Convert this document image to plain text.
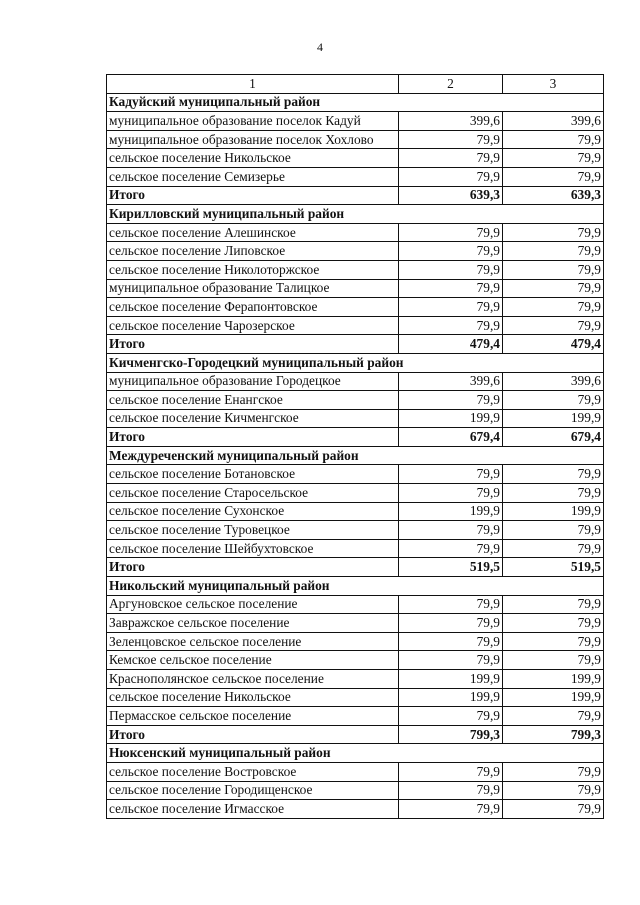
4
1	2	3
Кадуйский муниципальный район		
муниципальное образование поселок Кадуй	399,6	399,6
муниципальное образование поселок Хохлово	79,9	79,9
сельское поселение Никольское	79,9	79,9
сельское поселение Семизерье	79,9	79,9
Итого	639,3	639,3
Кирилловский муниципальный район		
сельское поселение Алешинское	79,9	79,9
сельское поселение Липовское	79,9	79,9
сельское поселение Николоторжское	79,9	79,9
муниципальное образование Талицкое	79,9	79,9
сельское поселение Ферапонтовское	79,9	79,9
сельское поселение Чарозерское	79,9	79,9
Итого	479,4	479,4
Кичменгско-Городецкий муниципальный район		
муниципальное образование Городецкое	399,6	399,6
сельское поселение Енангское	79,9	79,9
сельское поселение Кичменгское	199,9	199,9
Итого	679,4	679,4
Междуреченский муниципальный район		
сельское поселение Ботановское	79,9	79,9
сельское поселение Старосельское	79,9	79,9
сельское поселение Сухонское	199,9	199,9
сельское поселение Туровецкое	79,9	79,9
сельское поселение Шейбухтовское	79,9	79,9
Итого	519,5	519,5
Никольский муниципальный район		
Аргуновское сельское поселение	79,9	79,9
Завражское сельское поселение	79,9	79,9
Зеленцовское сельское поселение	79,9	79,9
Кемское сельское поселение	79,9	79,9
Краснополянское сельское поселение	199,9	199,9
сельское поселение Никольское	199,9	199,9
Пермасское сельское поселение	79,9	79,9
Итого	799,3	799,3
Нюксенский муниципальный район		
сельское поселение Востровское	79,9	79,9
сельское поселение Городищенское	79,9	79,9
сельское поселение Игмасское	79,9	79,9
